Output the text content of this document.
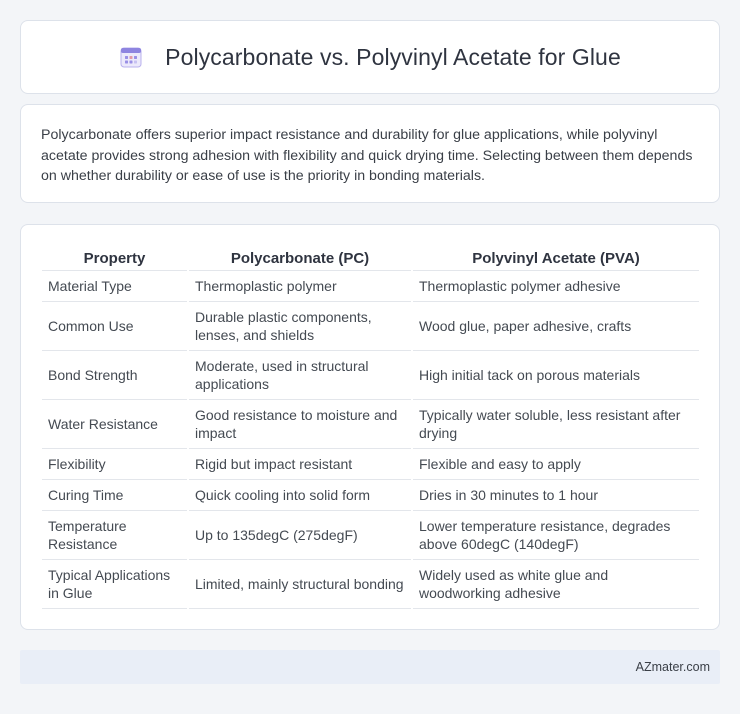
Polycarbonate vs. Polyvinyl Acetate for Glue

Polycarbonate offers superior impact resistance and durability for glue applications, while polyvinyl acetate provides strong adhesion with flexibility and quick drying time. Selecting between them depends on whether durability or ease of use is the priority in bonding materials.

Property	Polycarbonate (PC)	Polyvinyl Acetate (PVA)
Material Type	Thermoplastic polymer	Thermoplastic polymer adhesive
Common Use	Durable plastic components, lenses, and shields	Wood glue, paper adhesive, crafts
Bond Strength	Moderate, used in structural applications	High initial tack on porous materials
Water Resistance	Good resistance to moisture and impact	Typically water soluble, less resistant after drying
Flexibility	Rigid but impact resistant	Flexible and easy to apply
Curing Time	Quick cooling into solid form	Dries in 30 minutes to 1 hour
Temperature Resistance	Up to 135degC (275degF)	Lower temperature resistance, degrades above 60degC (140degF)
Typical Applications in Glue	Limited, mainly structural bonding	Widely used as white glue and woodworking adhesive
AZmater.com
